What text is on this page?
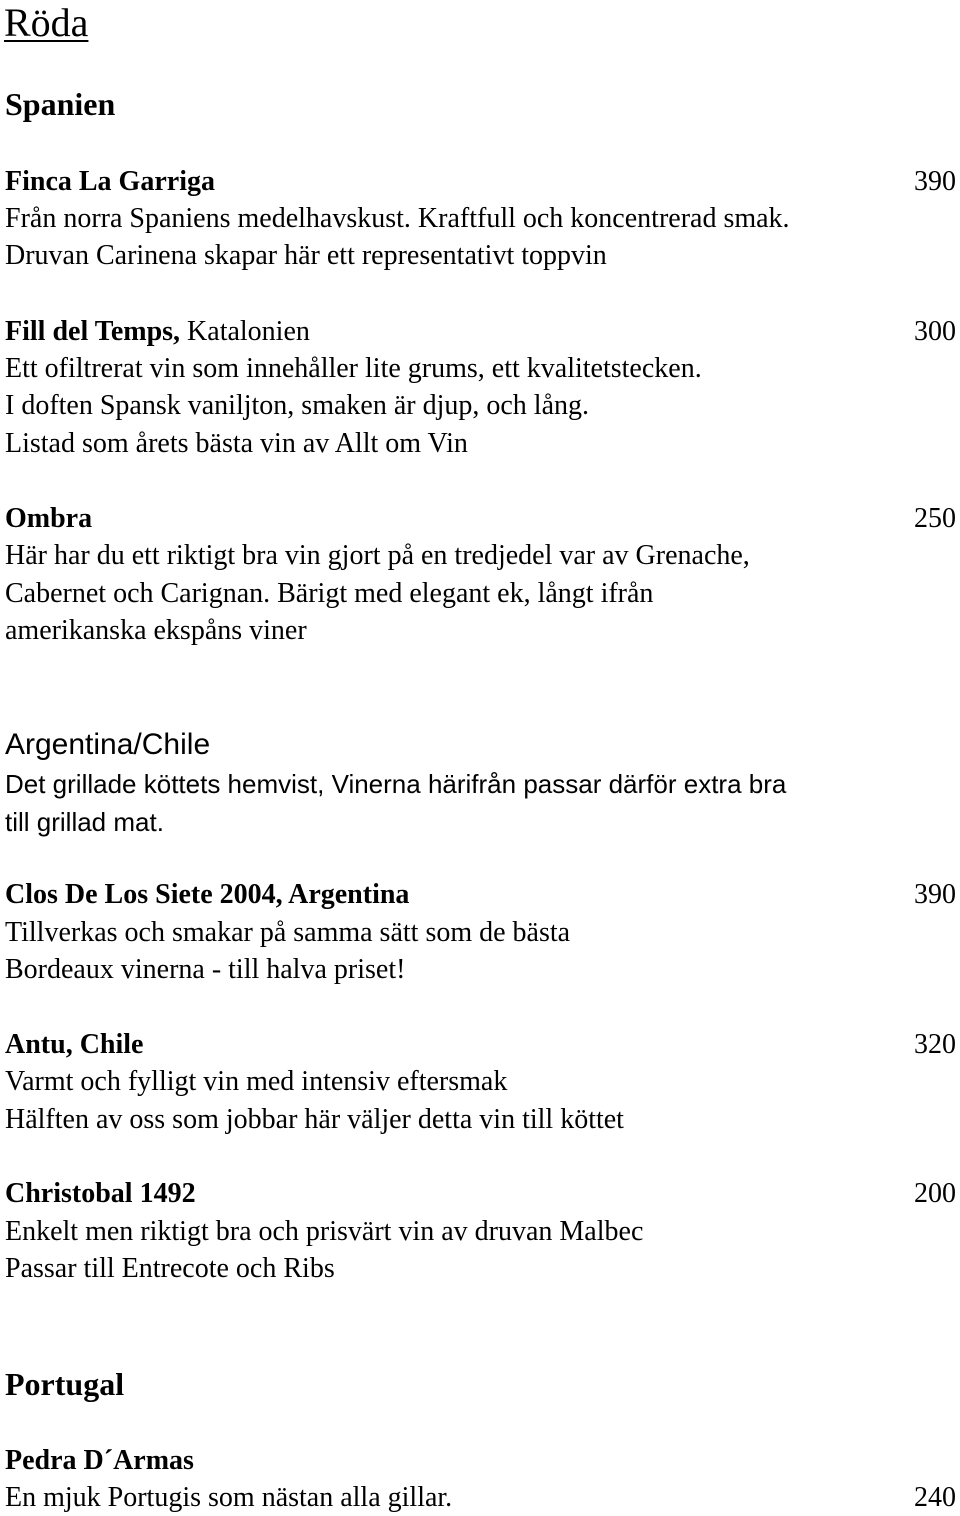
Röda
Spanien
Finca La Garriga	390
Från norra Spaniens medelhavskust. Kraftfull och koncentrerad smak.
Druvan Carinena skapar här ett representativt toppvin
Fill del Temps, Katalonien	300
Ett ofiltrerat vin som innehåller lite grums, ett kvalitetstecken.
I doften Spansk vaniljton, smaken är djup, och lång.
Listad som årets bästa vin av Allt om Vin
Ombra	250
Här har du ett riktigt bra vin gjort på en tredjedel var av Grenache,
Cabernet och Carignan. Bärigt med elegant ek, långt ifrån
amerikanska ekspåns viner
Argentina/Chile
Det grillade köttets hemvist, Vinerna härifrån passar därför extra bra
till grillad mat.
Clos De Los Siete 2004, Argentina	390
Tillverkas och smakar på samma sätt som de bästa
Bordeaux vinerna - till halva priset!
Antu, Chile	320
Varmt och fylligt vin med intensiv eftersmak
Hälften av oss som jobbar här väljer detta vin till köttet
Christobal 1492	200
Enkelt men riktigt bra och prisvärt vin av druvan Malbec
Passar till Entrecote och Ribs
Portugal
Pedra D´Armas
En mjuk Portugis som nästan alla gillar.	240
